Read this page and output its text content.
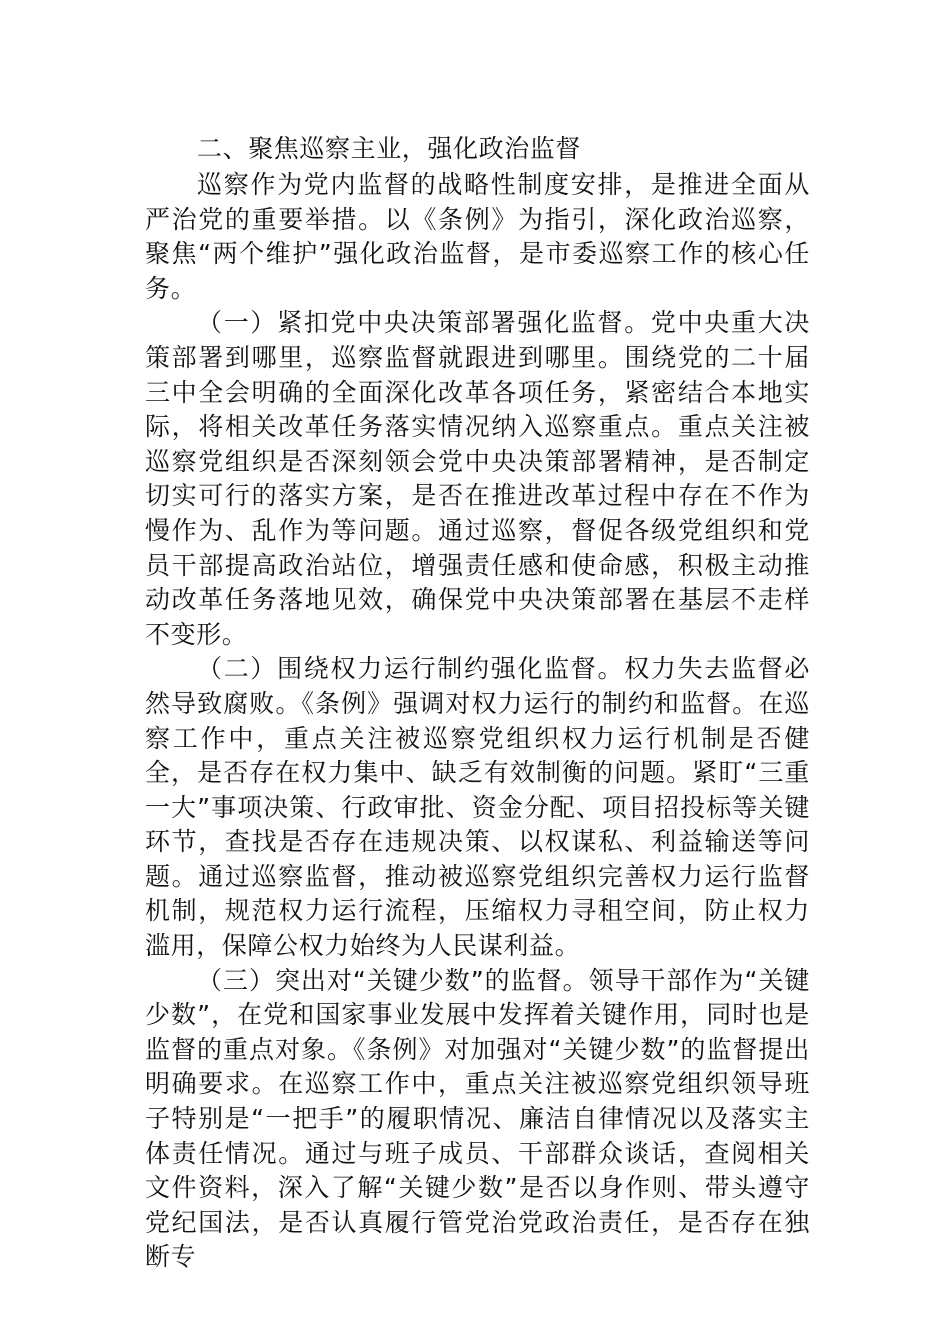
二、聚焦巡察主业，强化政治监督

巡察作为党内监督的战略性制度安排，是推进全面从严治党的重要举措。以《条例》为指引，深化政治巡察，聚焦“两个维护”强化政治监督，是市委巡察工作的核心任务。

（一）紧扣党中央决策部署强化监督。党中央重大决策部署到哪里，巡察监督就跟进到哪里。围绕党的二十届三中全会明确的全面深化改革各项任务，紧密结合本地实际，将相关改革任务落实情况纳入巡察重点。重点关注被巡察党组织是否深刻领会党中央决策部署精神，是否制定切实可行的落实方案，是否在推进改革过程中存在不作为慢作为、乱作为等问题。通过巡察，督促各级党组织和党员干部提高政治站位，增强责任感和使命感，积极主动推动改革任务落地见效，确保党中央决策部署在基层不走样不变形。

（二）围绕权力运行制约强化监督。权力失去监督必然导致腐败。《条例》强调对权力运行的制约和监督。在巡察工作中，重点关注被巡察党组织权力运行机制是否健全，是否存在权力集中、缺乏有效制衡的问题。紧盯“三重一大”事项决策、行政审批、资金分配、项目招投标等关键环节，查找是否存在违规决策、以权谋私、利益输送等问题。通过巡察监督，推动被巡察党组织完善权力运行监督机制，规范权力运行流程，压缩权力寻租空间，防止权力滥用，保障公权力始终为人民谋利益。

（三）突出对“关键少数”的监督。领导干部作为“关键少数”，在党和国家事业发展中发挥着关键作用，同时也是监督的重点对象。《条例》对加强对“关键少数”的监督提出明确要求。在巡察工作中，重点关注被巡察党组织领导班子特别是“一把手”的履职情况、廉洁自律情况以及落实主体责任情况。通过与班子成员、干部群众谈话，查阅相关文件资料，深入了解“关键少数”是否以身作则、带头遵守党纪国法，是否认真履行管党治党政治责任，是否存在独断专
